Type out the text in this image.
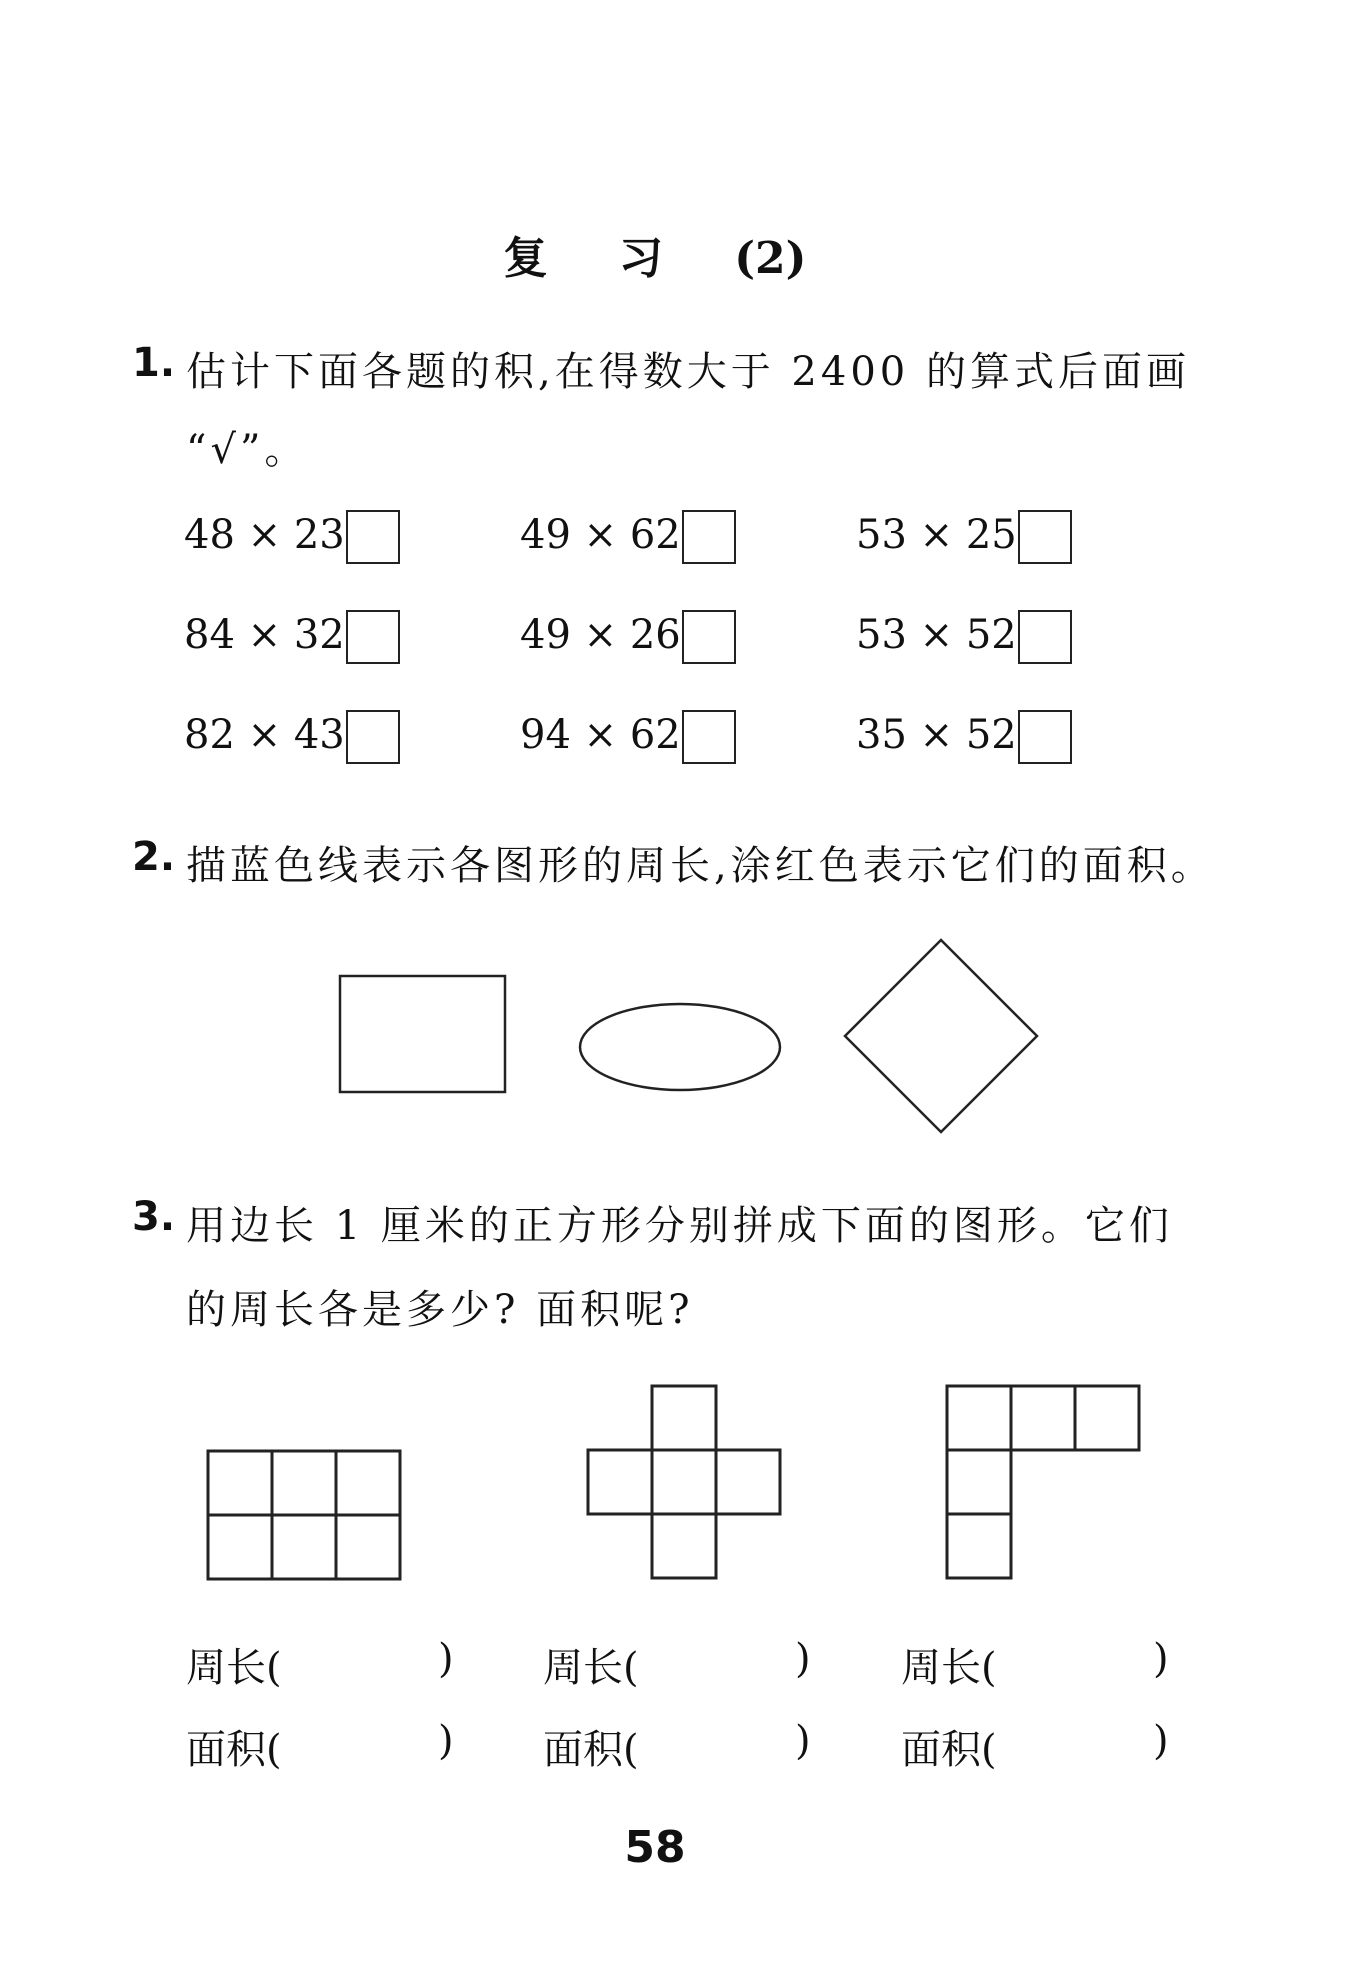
复 习 (2)
1. 估计下面各题的积,在得数大于 2400 的算式后面画
“√”。
48 × 23	49 × 62	53 × 25
84 × 32	49 × 26	53 × 52
82 × 43	94 × 62	35 × 52
2. 描蓝色线表示各图形的周长,涂红色表示它们的面积。
3. 用边长 1 厘米的正方形分别拼成下面的图形。它们
的周长各是多少? 面积呢?
周长(	)
面积(	)
周长(	)
面积(	)
周长(	)
面积(	)
58
